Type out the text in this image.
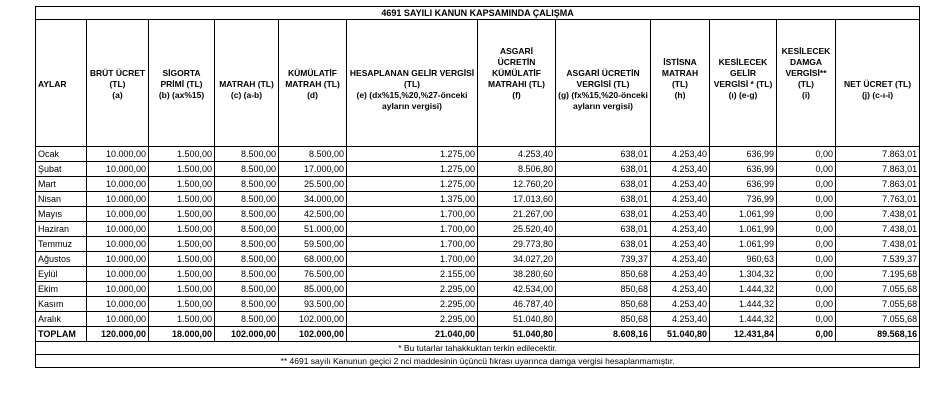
4691 SAYILI KANUN KAPSAMINDA ÇALIŞMA											
AYLAR	BRÜT ÜCRET (TL)	SİGORTA PRİMİ (TL)	MATRAH (TL)	KÜMÜLATİF MATRAH (TL)	HESAPLANAN GELİR VERGİSİ (TL)	ASGARİ ÜCRETİN KÜMÜLATİF MATRAHI (TL)	ASGARİ ÜCRETİN VERGİSİ (TL)	İSTİSNA MATRAH (TL)	KESİLECEK GELİR VERGİSİ * (TL)	KESİLECEK DAMGA VERGİSİ** (TL)	NET ÜCRET (TL)
	(a)	(b) (ax%15)	(c) (a-b)	(d)	(e) (dx%15,%20,%27-önceki ayların vergisi)	(f)	(g) (fx%15,%20-önceki ayların vergisi)	(h)	(ı) (e-g)	(i)	(j) (c-ı-i)
Ocak	10.000,00	1.500,00	8.500,00	8.500,00	1.275,00	4.253,40	638,01	4.253,40	636,99	0,00	7.863,01
Şubat	10.000,00	1.500,00	8.500,00	17.000,00	1.275,00	8.506,80	638,01	4.253,40	636,99	0,00	7.863,01
Mart	10.000,00	1.500,00	8.500,00	25.500,00	1.275,00	12.760,20	638,01	4.253,40	636,99	0,00	7.863,01
Nisan	10.000,00	1.500,00	8.500,00	34.000,00	1.375,00	17.013,60	638,01	4.253,40	736,99	0,00	7.763,01
Mayıs	10.000,00	1.500,00	8.500,00	42.500,00	1.700,00	21.267,00	638,01	4.253,40	1.061,99	0,00	7.438,01
Haziran	10.000,00	1.500,00	8.500,00	51.000,00	1.700,00	25.520,40	638,01	4.253,40	1.061,99	0,00	7.438,01
Temmuz	10.000,00	1.500,00	8.500,00	59.500,00	1.700,00	29.773,80	638,01	4.253,40	1.061,99	0,00	7.438,01
Ağustos	10.000,00	1.500,00	8.500,00	68.000,00	1.700,00	34.027,20	739,37	4.253,40	960,63	0,00	7.539,37
Eylül	10.000,00	1.500,00	8.500,00	76.500,00	2.155,00	38.280,60	850,68	4.253,40	1.304,32	0,00	7.195,68
Ekim	10.000,00	1.500,00	8.500,00	85.000,00	2.295,00	42.534,00	850,68	4.253,40	1.444,32	0,00	7.055,68
Kasım	10.000,00	1.500,00	8.500,00	93.500,00	2.295,00	46.787,40	850,68	4.253,40	1.444,32	0,00	7.055,68
Aralık	10.000,00	1.500,00	8.500,00	102.000,00	2.295,00	51.040,80	850,68	4.253,40	1.444,32	0,00	7.055,68
TOPLAM	120.000,00	18.000,00	102.000,00	102.000,00	21.040,00	51.040,80	8.608,16	51.040,80	12.431,84	0,00	89.568,16
* Bu tutarlar tahakkuktan terkin edilecektir.											
** 4691 sayılı Kanunun geçici 2 nci maddesinin üçüncü fıkrası uyarınca damga vergisi hesaplanmamıştır.											
